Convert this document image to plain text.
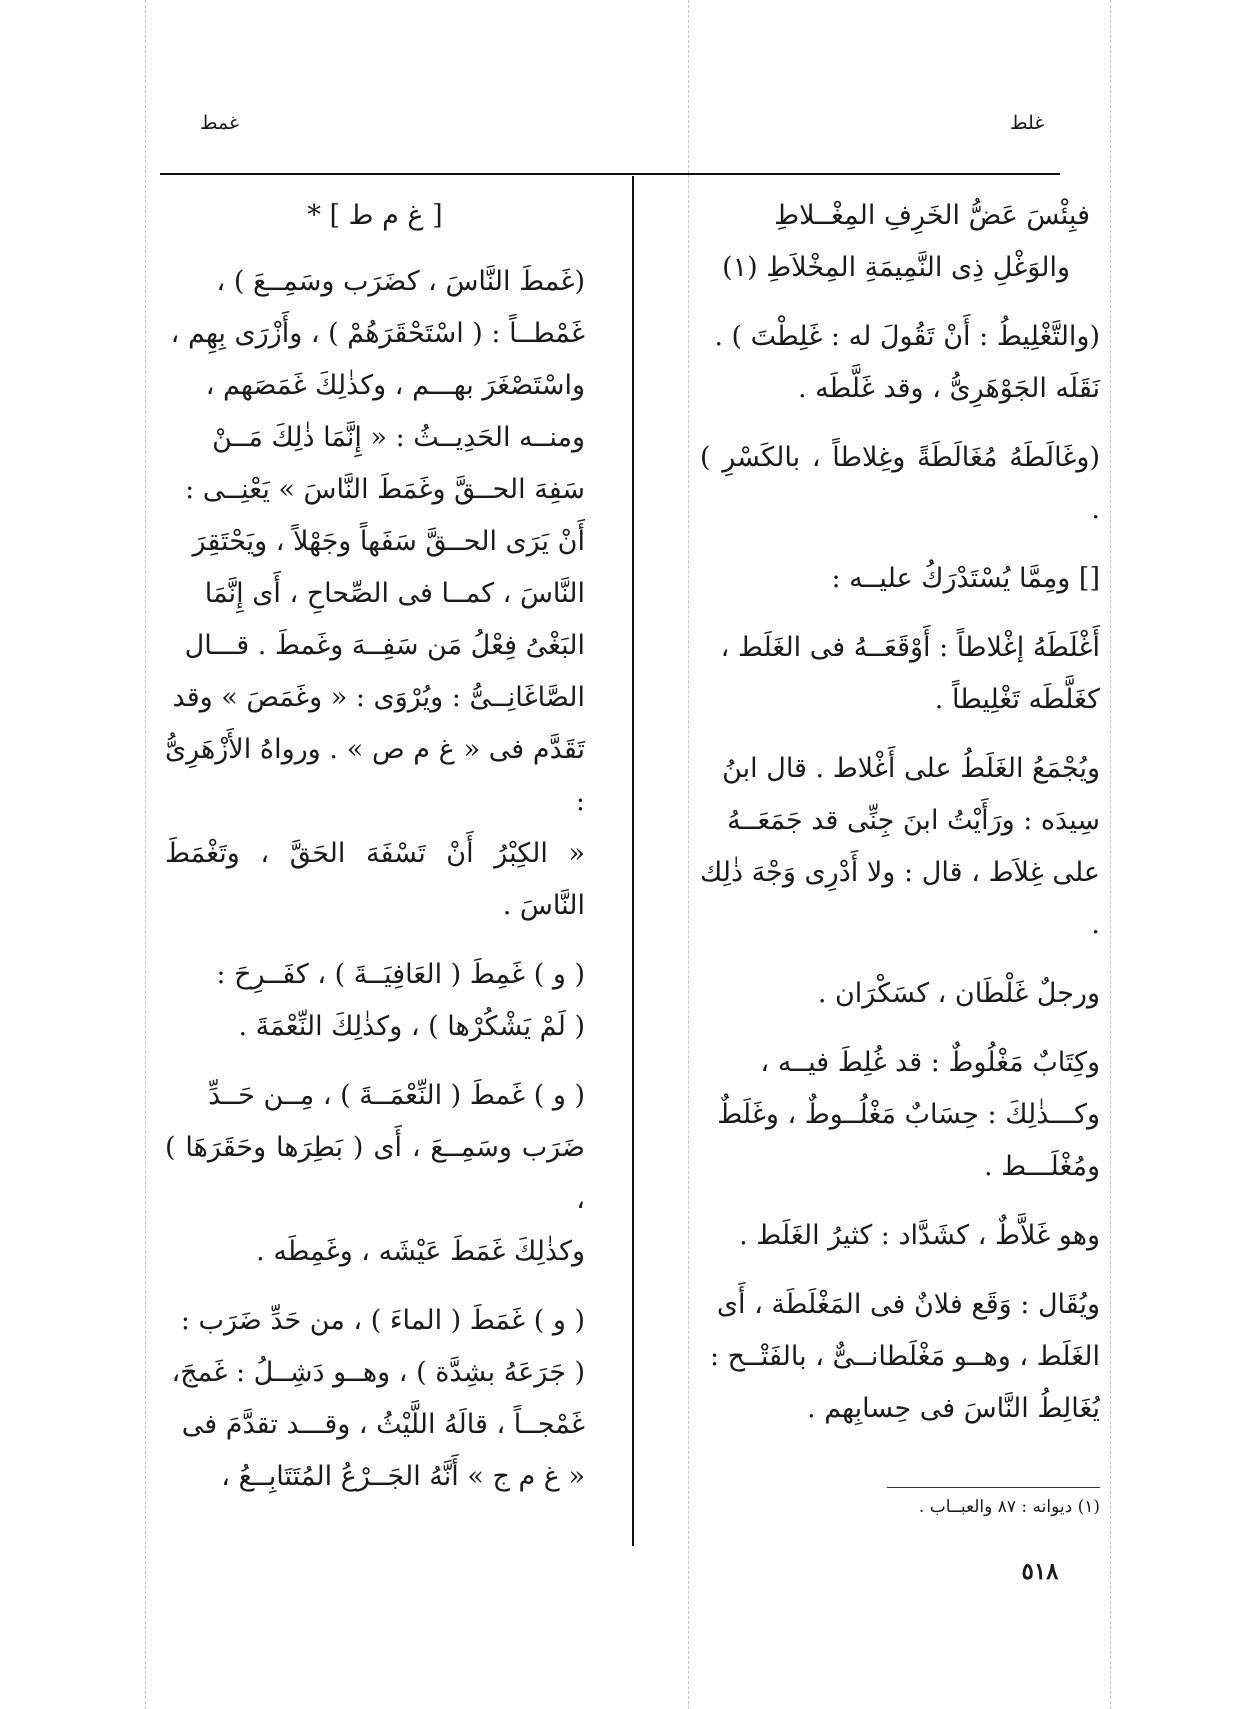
غمط	غلط

فبِئْسَ عَضُّ الخَرِفِ المِغْــلاطِ
والوَغْلِ ذِى النَّمِيمَةِ المِخْلاَطِ (١)

(والتَّغْلِيطُ : أَنْ تَقُولَ له : غَلِطْتَ ) .
نَقَلَه الجَوْهَرِىُّ ، وقد غَلَّطَه .

(وغَالَطَهُ مُغَالَطَةً وغِلاطاً ، بالكَسْرِ ) .

[] ومِمَّا يُسْتَدْرَكُ عليــه :

أَغْلَطَهُ إغْلاطاً : أَوْقَعَــهُ فى الغَلَط ،
كغَلَّطَه تَغْلِيطاً .

ويُجْمَعُ الغَلَطُ على أَغْلاط . قال ابنُ
سِيدَه : ورَأَيْتُ ابنَ جِنِّى قد جَمَعَــهُ
على غِلاَط ، قال : ولا أَدْرِى وَجْهَ ذٰلِك .

ورجلٌ غَلْطَان ، كسَكْرَان .

وكِتَابٌ مَغْلُوطٌ : قد غُلِطَ فيــه ،
وكـــذٰلِكَ : حِسَابٌ مَغْلُــوطٌ ، وغَلَطٌ
ومُغْلَـــط .

وهو غَلاَّطٌ ، كشَدَّاد : كثيرُ الغَلَط .

ويُقَال : وَقَع فلانٌ فى المَغْلَطَة ، أَى
الغَلَط ، وهــو مَغْلَطانــىٌّ ، بالفَتْــح :
يُغَالِطُ النَّاسَ فى حِسابِهم .

[ غ م ط ] *

(غَمطَ النَّاسَ ، كضَرَب وسَمِــعَ ) ،
غَمْطــاً : ( اسْتَحْقَرَهُمْ ) ، وأَزْرَى بِهِم ،
واسْتَصْغَرَ بهـــم ، وكذٰلِكَ غَمَصَهم ،
ومنــه الحَدِيــثُ : « إِنَّمَا ذٰلِكَ مَــنْ
سَفِهَ الحــقَّ وغَمَطَ النَّاسَ » يَعْنِــى :
أَنْ يَرَى الحــقَّ سَفَهاً وجَهْلاً ، ويَحْتَقِرَ
النَّاسَ ، كمــا فى الصِّحاحِ ، أَى إِنَّمَا
البَغْىُ فِعْلُ مَن سَفِــهَ وغَمطَ . قـــال
الصَّاغَانِــىُّ : ويُرْوَى : « وغَمَصَ » وقد
تَقَدَّم فى « غ م ص » . ورواهُ الأَزْهَرِىُّ :
« الكِبْرُ أَنْ تَسْفَهَ الحَقَّ ، وتَغْمَطَ النَّاسَ .

( و ) غَمِطَ ( العَافِيَــةَ ) ، كفَــرِحَ :
( لَمْ يَشْكُرْها ) ، وكذٰلِكَ النِّعْمَةَ .

( و ) غَمطَ ( النِّعْمَــةَ ) ، مِــن حَــدِّ
ضَرَب وسَمِــعَ ، أَى ( بَطِرَها وحَقَرَهَا ) ،
وكذٰلِكَ غَمَطَ عَيْشَه ، وغَمِطَه .

( و ) غَمَطَ ( الماءَ ) ، من حَدِّ ضَرَب :
( جَرَعَهُ بشِدَّة ) ، وهــو دَشِــلُ : غَمجَ،
غَمْجــاً ، قالَهُ اللَّيْثُ ، وقـــد تقدَّمَ فى
« غ م ج » أَنَّهُ الجَــرْعُ المُتَتَابِــعُ ،

(١) ديوانه : ٨٧ والعبــاب .
٥١٨
